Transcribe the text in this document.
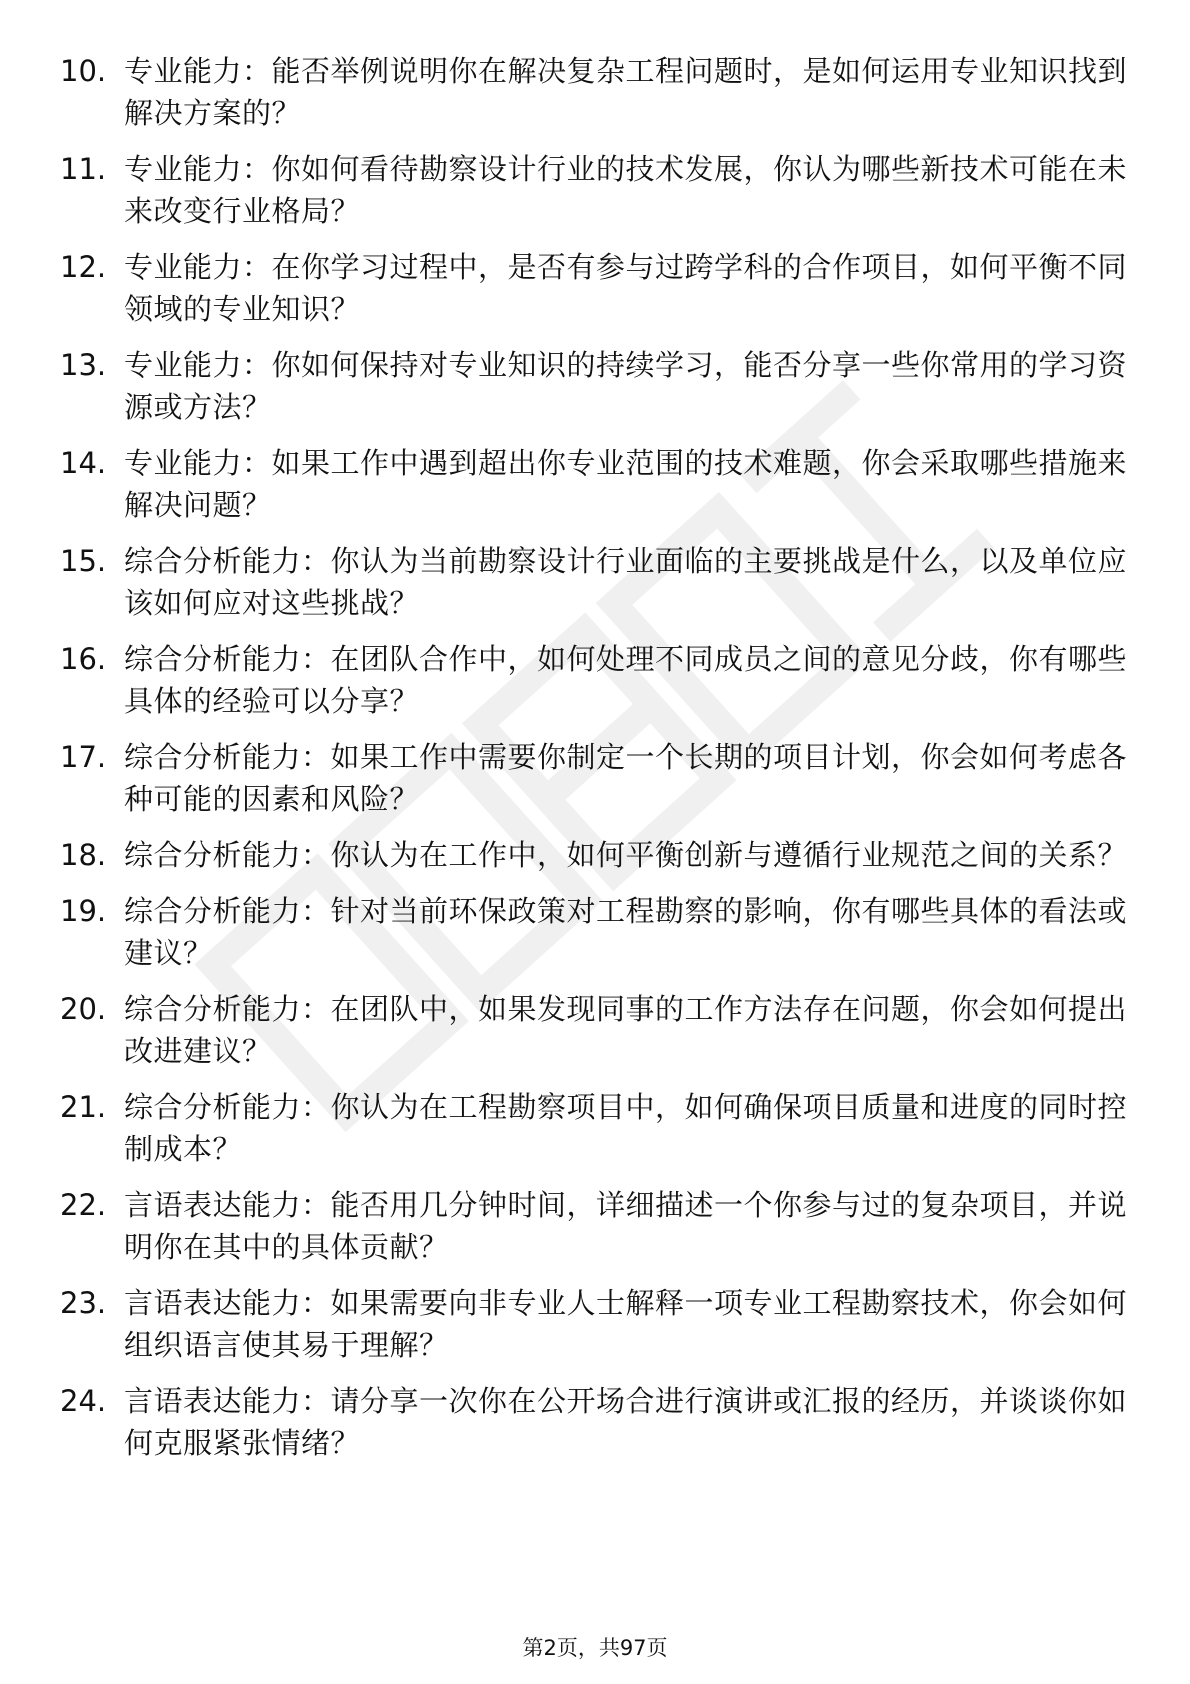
10. 专业能力：能否举例说明你在解决复杂工程问题时，是如何运用专业知识找到解决方案的？
11. 专业能力：你如何看待勘察设计行业的技术发展，你认为哪些新技术可能在未来改变行业格局？
12. 专业能力：在你学习过程中，是否有参与过跨学科的合作项目，如何平衡不同领域的专业知识？
13. 专业能力：你如何保持对专业知识的持续学习，能否分享一些你常用的学习资源或方法？
14. 专业能力：如果工作中遇到超出你专业范围的技术难题，你会采取哪些措施来解决问题？
15. 综合分析能力：你认为当前勘察设计行业面临的主要挑战是什么，以及单位应该如何应对这些挑战？
16. 综合分析能力：在团队合作中，如何处理不同成员之间的意见分歧，你有哪些具体的经验可以分享？
17. 综合分析能力：如果工作中需要你制定一个长期的项目计划，你会如何考虑各种可能的因素和风险？
18. 综合分析能力：你认为在工作中，如何平衡创新与遵循行业规范之间的关系？
19. 综合分析能力：针对当前环保政策对工程勘察的影响，你有哪些具体的看法或建议？
20. 综合分析能力：在团队中，如果发现同事的工作方法存在问题，你会如何提出改进建议？
21. 综合分析能力：你认为在工程勘察项目中，如何确保项目质量和进度的同时控制成本？
22. 言语表达能力：能否用几分钟时间，详细描述一个你参与过的复杂项目，并说明你在其中的具体贡献？
23. 言语表达能力：如果需要向非专业人士解释一项专业工程勘察技术，你会如何组织语言使其易于理解？
24. 言语表达能力：请分享一次你在公开场合进行演讲或汇报的经历，并谈谈你如何克服紧张情绪？
第2页，共97页
